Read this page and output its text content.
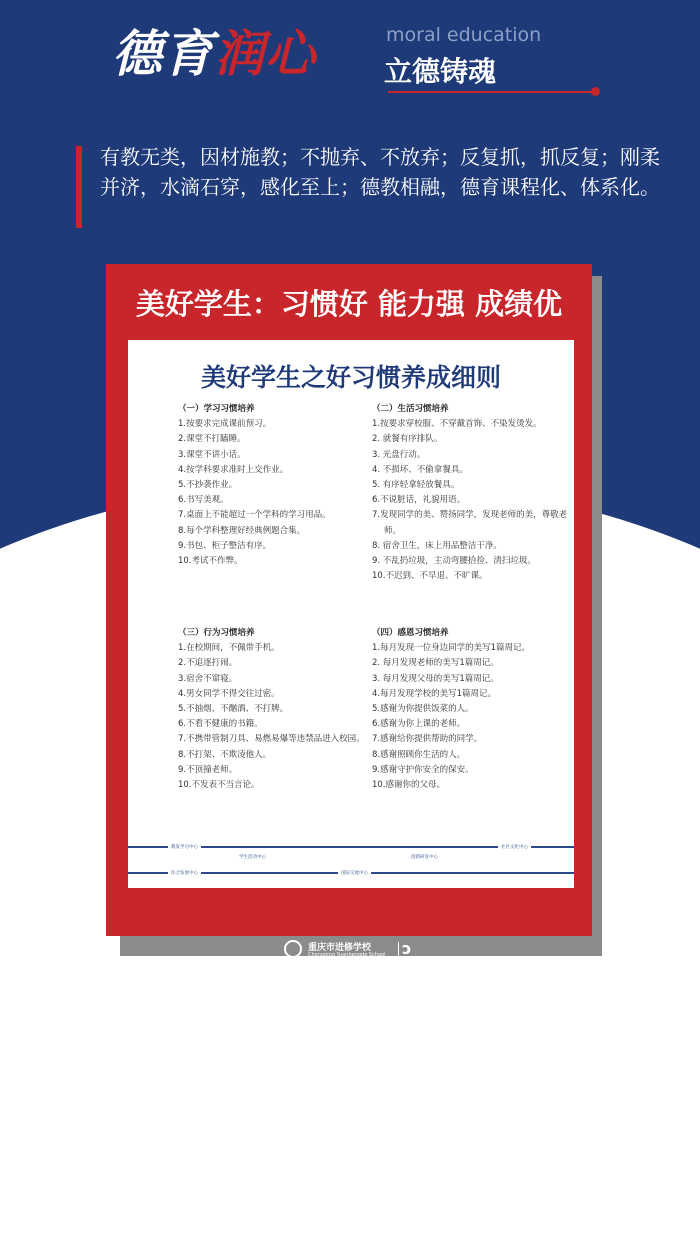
德育润心	moral education
立德铸魂
有教无类，因材施教；不抛弃、不放弃；反复抓，抓反复；刚柔并济，水滴石穿，感化至上；德教相融，德育课程化、体系化。
美好学生：习惯好 能力强 成绩优
美好学生之好习惯养成细则
（一）学习习惯培养
1.按要求完成课前预习。
2.课堂不打瞌睡。
3.课堂不讲小话。
4.按学科要求准时上交作业。
5.不抄袭作业。
6.书写美观。
7.桌面上不能超过一个学科的学习用品。
8.每个学科整理好经典例题合集。
9.书包、柜子整洁有序。
10.考试不作弊。
（二）生活习惯培养
1.按要求穿校服、不穿戴首饰、不染发烫发。
2. 就餐有序排队。
3. 光盘行动。
4. 不损坏、不偷拿餐具。
5. 有序轻拿轻放餐具。
6.不说脏话，礼貌用语。
7.发现同学的美、赞扬同学，发现老师的美，尊敬老师。
8. 宿舍卫生，床上用品整洁干净。
9. 不乱扔垃圾，主动弯腰拾捡、清扫垃圾。
10.不迟到、不早退、不旷课。
（三）行为习惯培养
1.在校期间，不佩带手机。
2.不追逐打闹。
3.宿舍不窜寝。
4.男女同学不得交往过密。
5.不抽烟、不酗酒、不打牌。
6.不看不健康的书籍。
7.不携带管制刀具、易燃易爆等违禁品进入校园。
8.不打架、不欺凌他人。
9.不顶撞老师。
10.不发表不当言论。
（四）感恩习惯培养
1.每月发现一位身边同学的美写1篇周记。
2. 每月发现老师的美写1篇周记。
3. 每月发现父母的美写1篇周记。
4.每月发现学校的美写1篇周记。
5.感谢为你提供饭菜的人。
6.感谢为你上课的老师。
7.感谢给你提供帮助的同学。
8.感谢照顾你生活的人。
9.感谢守护你安全的保安。
10.感谢你的父母。
教发学习中心
学生活动中心	创新研发中心
社区文化中心
综合发展中心	国际交流中心
重庆市进修学校
Chongqing Yuanhengda School ɔ
